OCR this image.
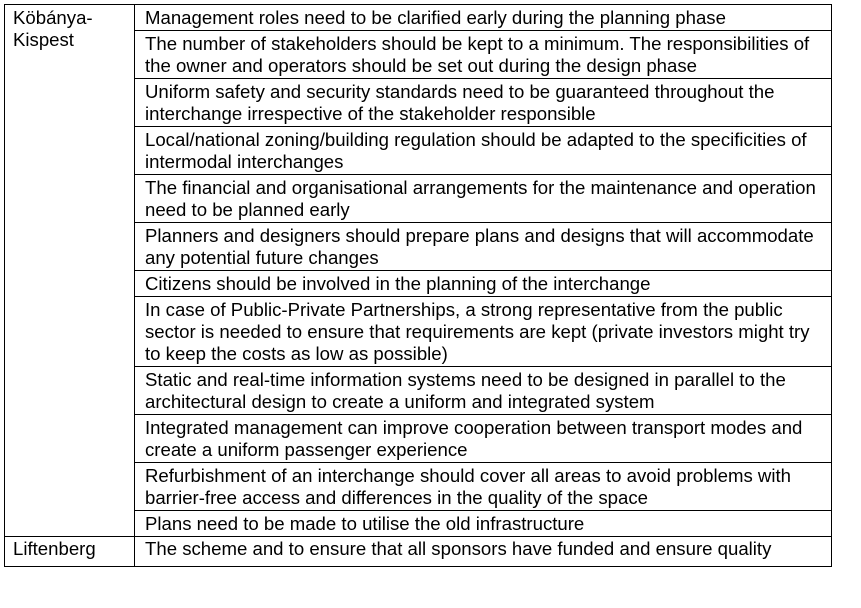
Köbánya-
Kispest	Management roles need to be clarified early during the planning phase
	The number of stakeholders should be kept to a minimum. The responsibilities of the owner and operators should be set out during the design phase
	Uniform safety and security standards need to be guaranteed throughout the interchange irrespective of the stakeholder responsible
	Local/national zoning/building regulation should be adapted to the specificities of intermodal interchanges
	The financial and organisational arrangements for the maintenance and operation need to be planned early
	Planners and designers should prepare plans and designs that will accommodate any potential future changes
	Citizens should be involved in the planning of the interchange
	In case of Public-Private Partnerships, a strong representative from the public sector is needed to ensure that requirements are kept (private investors might try to keep the costs as low as possible)
	Static and real-time information systems need to be designed in parallel to the architectural design to create a uniform and integrated system
	Integrated management can improve cooperation between transport modes and create a uniform passenger experience
	Refurbishment of an interchange should cover all areas to avoid problems with barrier-free access and differences in the quality of the space
	Plans need to be made to utilise the old infrastructure
Liftenberg	The scheme and to ensure that all sponsors have funded and ensure quality
